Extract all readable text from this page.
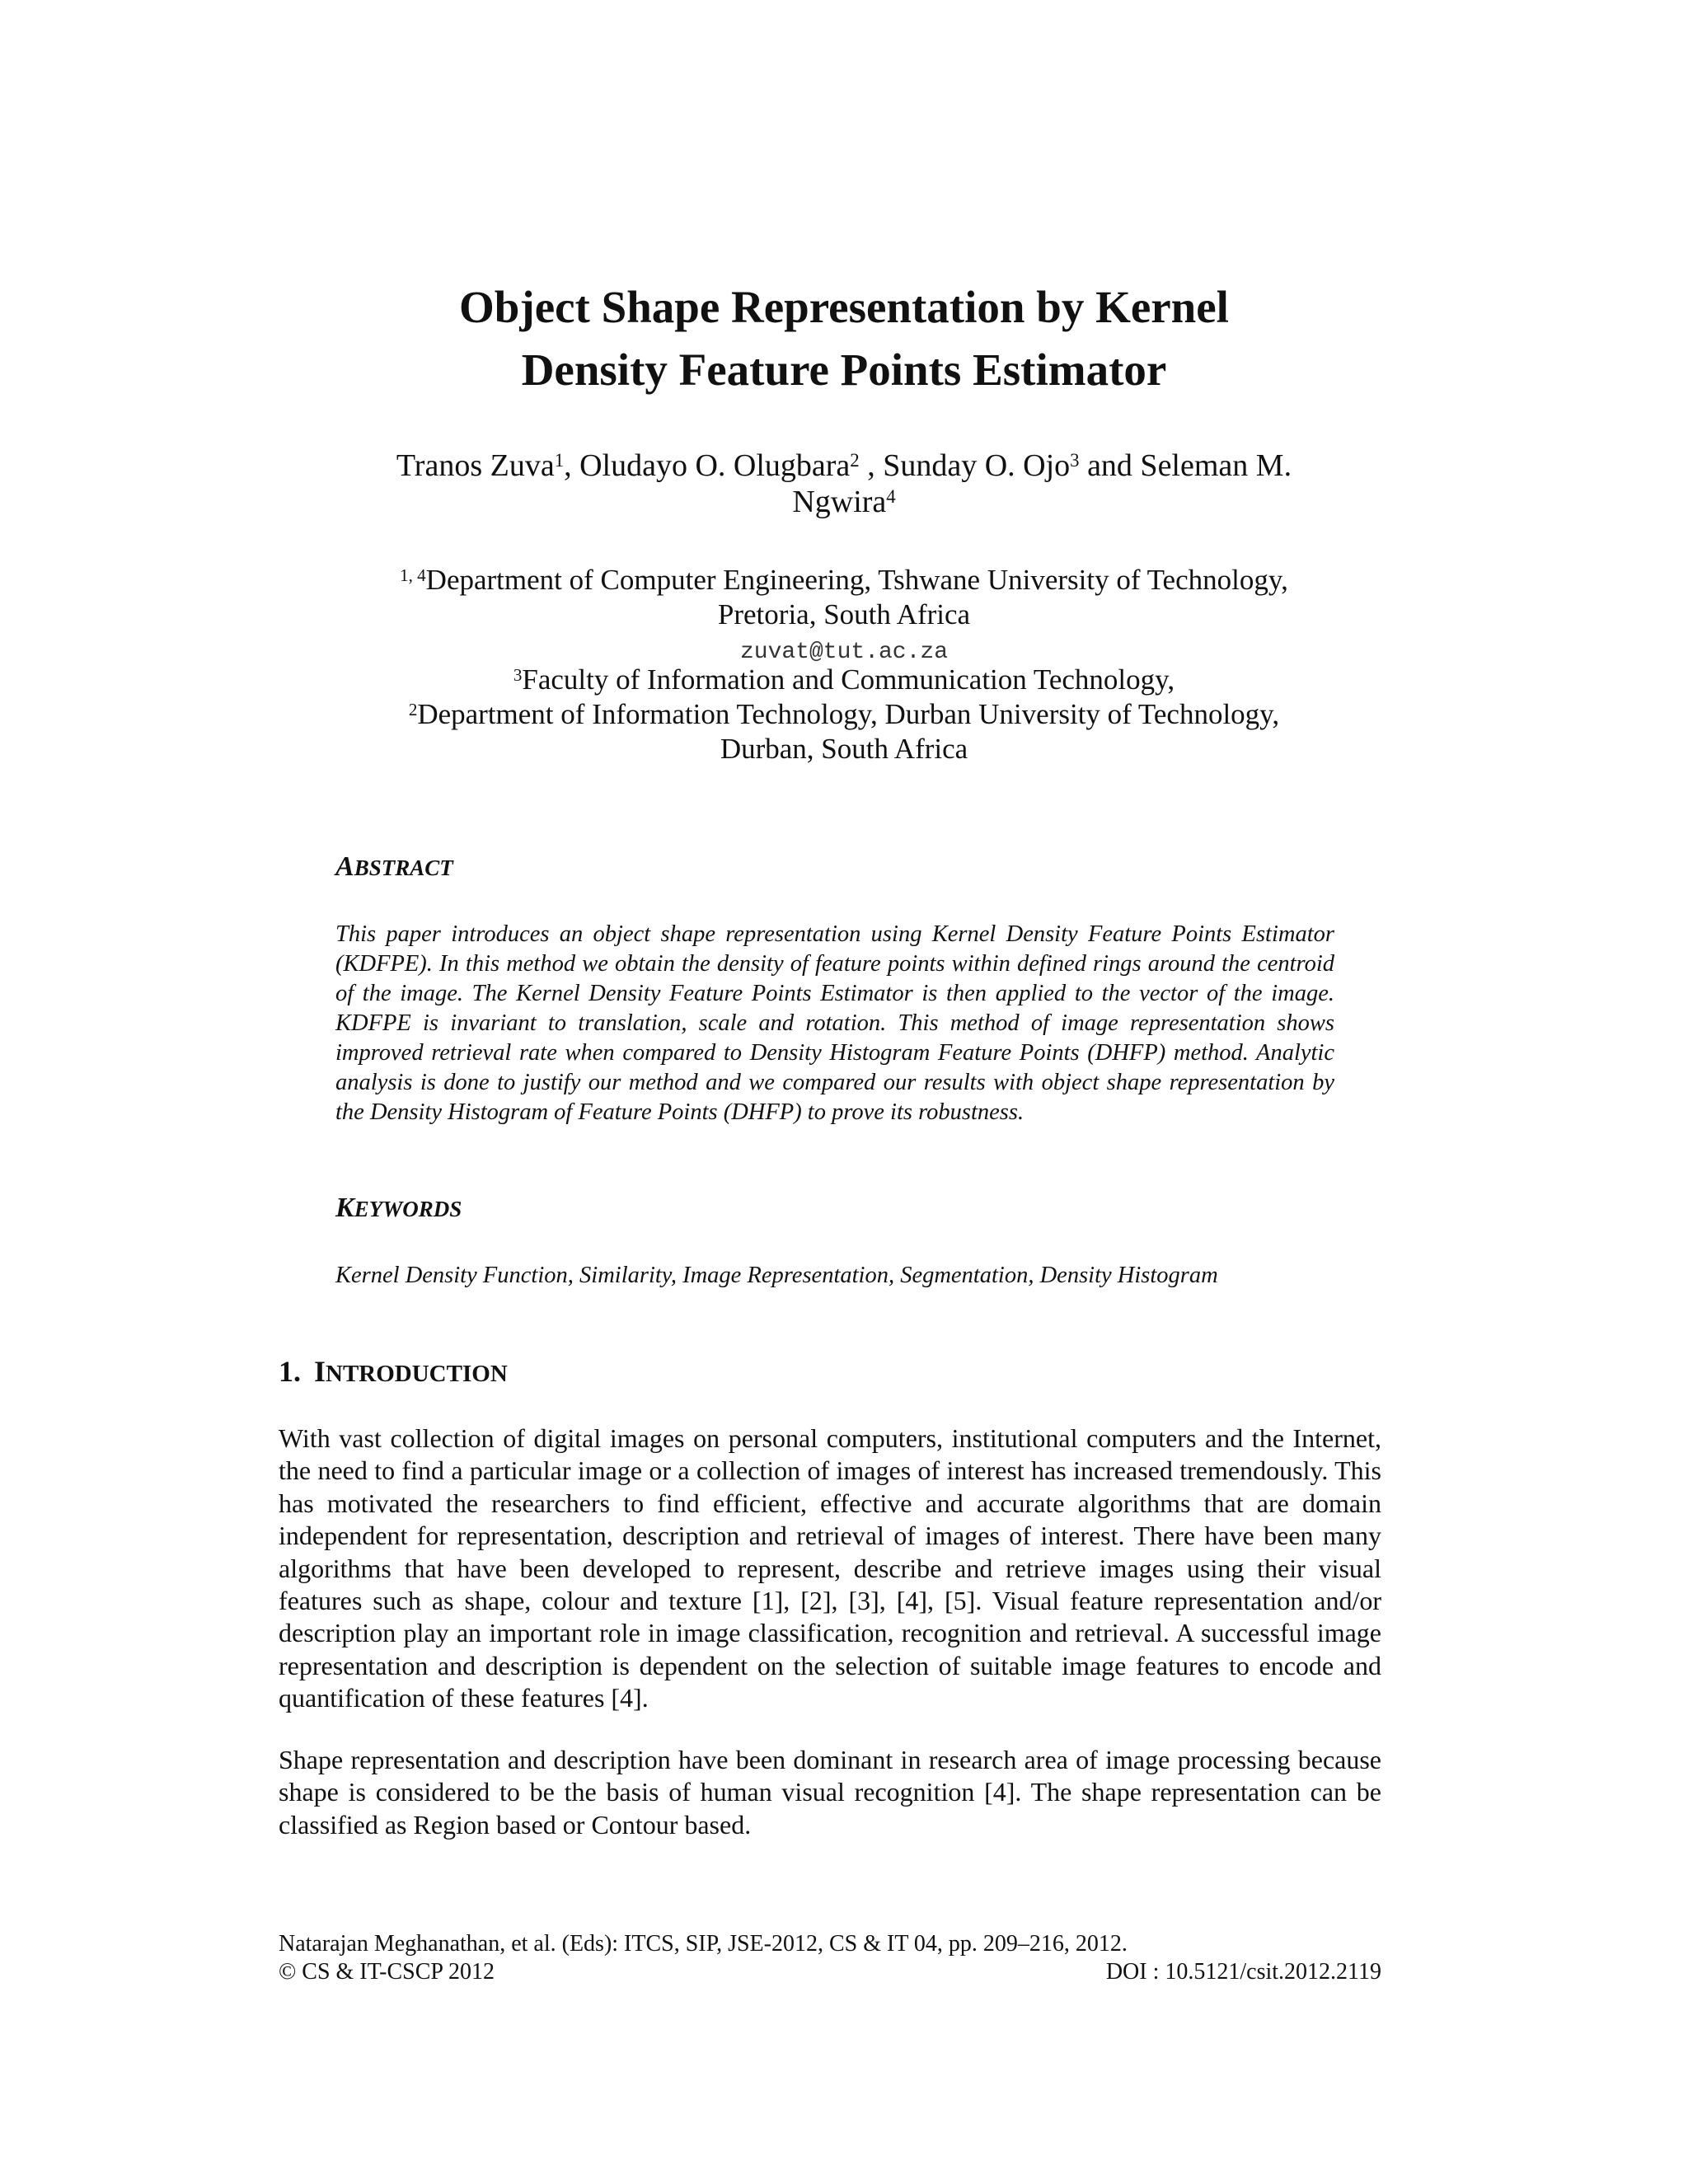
Object Shape Representation by Kernel
Density Feature Points Estimator
Tranos Zuva$^1$, Oludayo O. Olugbara$^2$ , Sunday O. Ojo$^3$ and Seleman M.
Ngwira$^4$
$^{1, 4}$Department of Computer Engineering, Tshwane University of Technology,
Pretoria, South Africa
zuvat@tut.ac.za
$^3$Faculty of Information and Communication Technology,
$^2$Department of Information Technology, Durban University of Technology,
Durban, South Africa
ABSTRACT

This paper introduces an object shape representation using Kernel Density Feature Points Estimator (KDFPE). In this method we obtain the density of feature points within defined rings around the centroid of the image. The Kernel Density Feature Points Estimator is then applied to the vector of the image. KDFPE is invariant to translation, scale and rotation. This method of image representation shows improved retrieval rate when compared to Density Histogram Feature Points (DHFP) method. Analytic analysis is done to justify our method and we compared our results with object shape representation by the Density Histogram of Feature Points (DHFP) to prove its robustness.

KEYWORDS

Kernel Density Function, Similarity, Image Representation, Segmentation, Density Histogram

1. INTRODUCTION

With vast collection of digital images on personal computers, institutional computers and the Internet, the need to find a particular image or a collection of images of interest has increased tremendously. This has motivated the researchers to find efficient, effective and accurate algorithms that are domain independent for representation, description and retrieval of images of interest. There have been many algorithms that have been developed to represent, describe and retrieve images using their visual features such as shape, colour and texture [1], [2], [3], [4], [5]. Visual feature representation and/or description play an important role in image classification, recognition and retrieval. A successful image representation and description is dependent on the selection of suitable image features to encode and quantification of these features [4].

Shape representation and description have been dominant in research area of image processing because shape is considered to be the basis of human visual recognition [4]. The shape representation can be classified as Region based or Contour based.

Natarajan Meghanathan, et al. (Eds): ITCS, SIP, JSE-2012, CS & IT 04, pp. 209–216, 2012.
© CS & IT-CSCP 2012	DOI : 10.5121/csit.2012.2119
